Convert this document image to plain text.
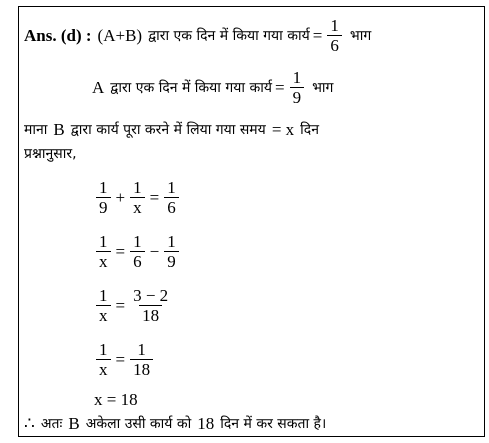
Ans. (d) : (A+B) द्वारा एक दिन में किया गया कार्य = $\frac{1}{6}$ भाग
A द्वारा एक दिन में किया गया कार्य = $\frac{1}{9}$ भाग
माना B द्वारा कार्य पूरा करने में लिया गया समय = x दिन
प्रश्नानुसार,
$\frac{1}{9} + \frac{1}{x} = \frac{1}{6}$
$\frac{1}{x} = \frac{1}{6} - \frac{1}{9}$
$\frac{1}{x} = \frac{3 - 2}{18}$
$\frac{1}{x} = \frac{1}{18}$
x = 18
∴ अतः B अकेला उसी कार्य को 18 दिन में कर सकता है।
